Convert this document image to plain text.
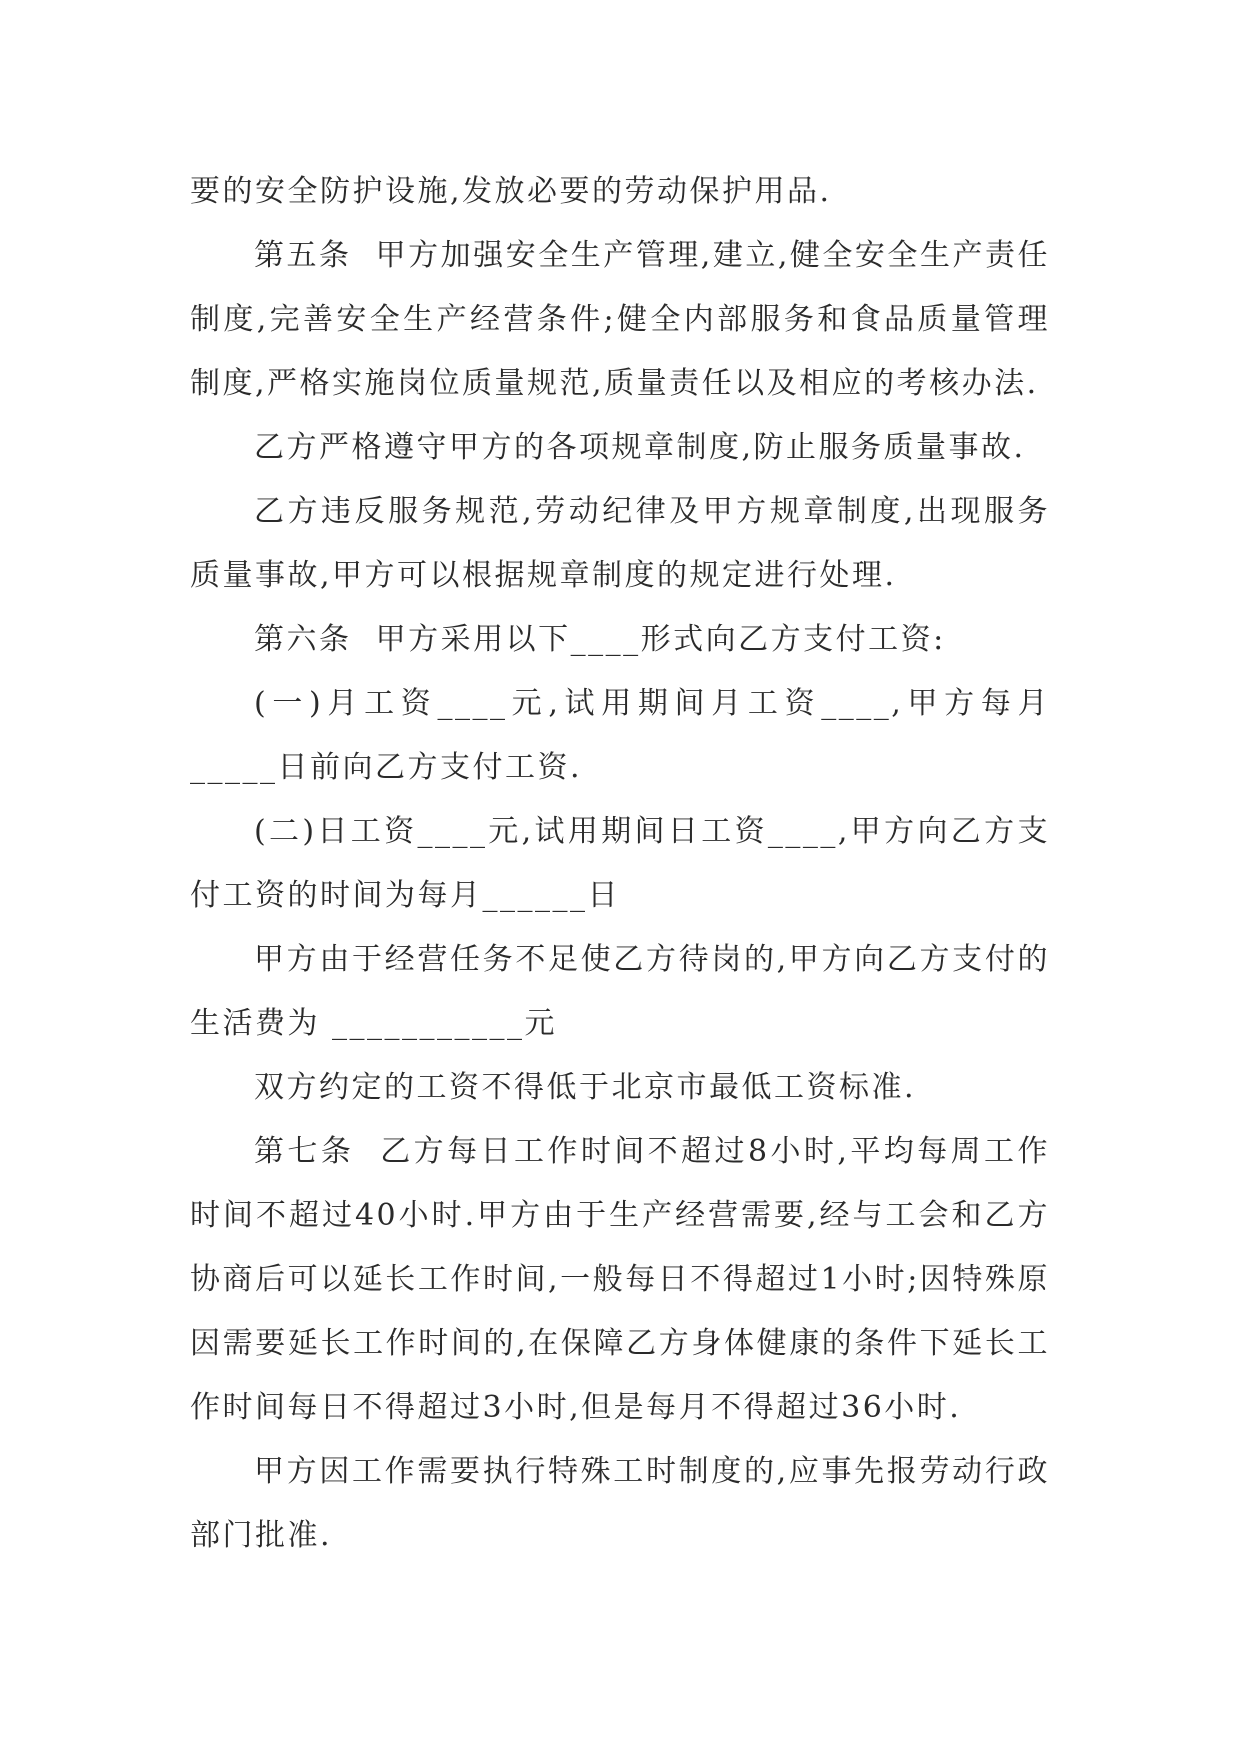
要的安全防护设施,发放必要的劳动保护用品.

第五条  甲方加强安全生产管理,建立,健全安全生产责任制度,完善安全生产经营条件;健全内部服务和食品质量管理制度,严格实施岗位质量规范,质量责任以及相应的考核办法.

乙方严格遵守甲方的各项规章制度,防止服务质量事故.

乙方违反服务规范,劳动纪律及甲方规章制度,出现服务质量事故,甲方可以根据规章制度的规定进行处理.

第六条  甲方采用以下____形式向乙方支付工资:

(一)月工资____元,试用期间月工资____,甲方每月_____日前向乙方支付工资.

(二)日工资____元,试用期间日工资____,甲方向乙方支付工资的时间为每月______日

甲方由于经营任务不足使乙方待岗的,甲方向乙方支付的生活费为 ___________元

双方约定的工资不得低于北京市最低工资标准.

第七条  乙方每日工作时间不超过8小时,平均每周工作时间不超过40小时.甲方由于生产经营需要,经与工会和乙方协商后可以延长工作时间,一般每日不得超过1小时;因特殊原因需要延长工作时间的,在保障乙方身体健康的条件下延长工作时间每日不得超过3小时,但是每月不得超过36小时.

甲方因工作需要执行特殊工时制度的,应事先报劳动行政部门批准.
